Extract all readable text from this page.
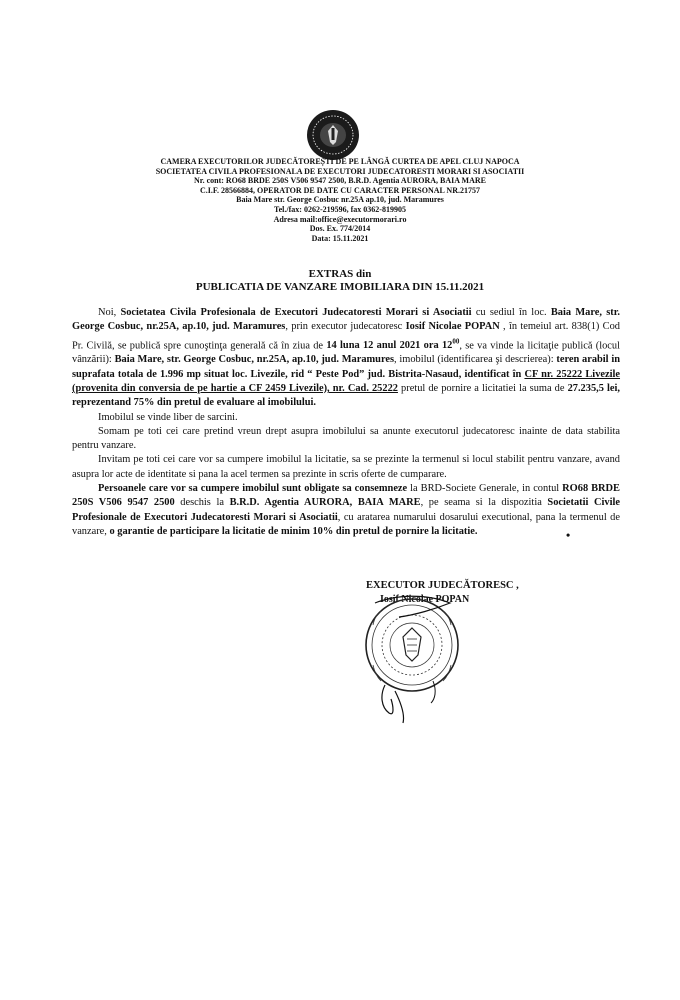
CAMERA EXECUTORILOR JUDECĂTOREȘTI DE PE LÂNGĂ CURTEA DE APEL CLUJ NAPOCA
SOCIETATEA CIVILA PROFESIONALA DE EXECUTORI JUDECATORESTI MORARI SI ASOCIATII
Nr. cont: RO68 BRDE 250S V506 9547 2500, B.R.D. Agentia AURORA, BAIA MARE
C.I.F. 28566884, OPERATOR DE DATE CU CARACTER PERSONAL NR.21757
Baia Mare str. George Cosbuc nr.25A ap.10, jud. Maramures
Tel./fax: 0262-219596, fax 0362-819905
Adresa mail:office@executormorari.ro
Dos. Ex. 774/2014
Data: 15.11.2021
EXTRAS din
PUBLICATIA DE VANZARE IMOBILIARA DIN 15.11.2021

Noi, Societatea Civila Profesionala de Executori Judecatoresti Morari si Asociatii cu sediul în loc. Baia Mare, str. George Cosbuc, nr.25A, ap.10, jud. Maramures, prin executor judecatoresc Iosif Nicolae POPAN , în temeiul art. 838(1) Cod Pr. Civilă, se publică spre cunoştinţa generală că în ziua de 14 luna 12 anul 2021 ora $12^{00}$, se va vinde la licitaţie publică (locul vânzării): Baia Mare, str. George Cosbuc, nr.25A, ap.10, jud. Maramures, imobilul (identificarea şi descrierea): teren arabil in suprafata totala de 1.996 mp situat loc. Livezile, rid “ Peste Pod” jud. Bistrita-Nasaud, identificat în CF nr. 25222 Livezile (provenita din conversia de pe hartie a CF 2459 Livezile), nr. Cad. 25222 pretul de pornire a licitatiei la suma de 27.235,5 lei, reprezentand 75% din pretul de evaluare al imobilului.

Imobilul se vinde liber de sarcini.

Somam pe toti cei care pretind vreun drept asupra imobilului sa anunte executorul judecatoresc inainte de data stabilita pentru vanzare.

Invitam pe toti cei care vor sa cumpere imobilul la licitatie, sa se prezinte la termenul si locul stabilit pentru vanzare, avand asupra lor acte de identitate si pana la acel termen sa prezinte in scris oferte de cumparare.

Persoanele care vor sa cumpere imobilul sunt obligate sa consemneze la BRD-Societe Generale, in contul RO68 BRDE 250S V506 9547 2500 deschis la B.R.D. Agentia AURORA, BAIA MARE, pe seama si la dispozitia Societatii Civile Profesionale de Executori Judecatoresti Morari si Asociatii, cu aratarea numarului dosarului executional, pana la termenul de vanzare, o garantie de participare la licitatie de minim 10% din pretul de pornire la licitatie.	•
EXECUTOR JUDECĂTORESC ,
Iosif Nicolae POPAN
